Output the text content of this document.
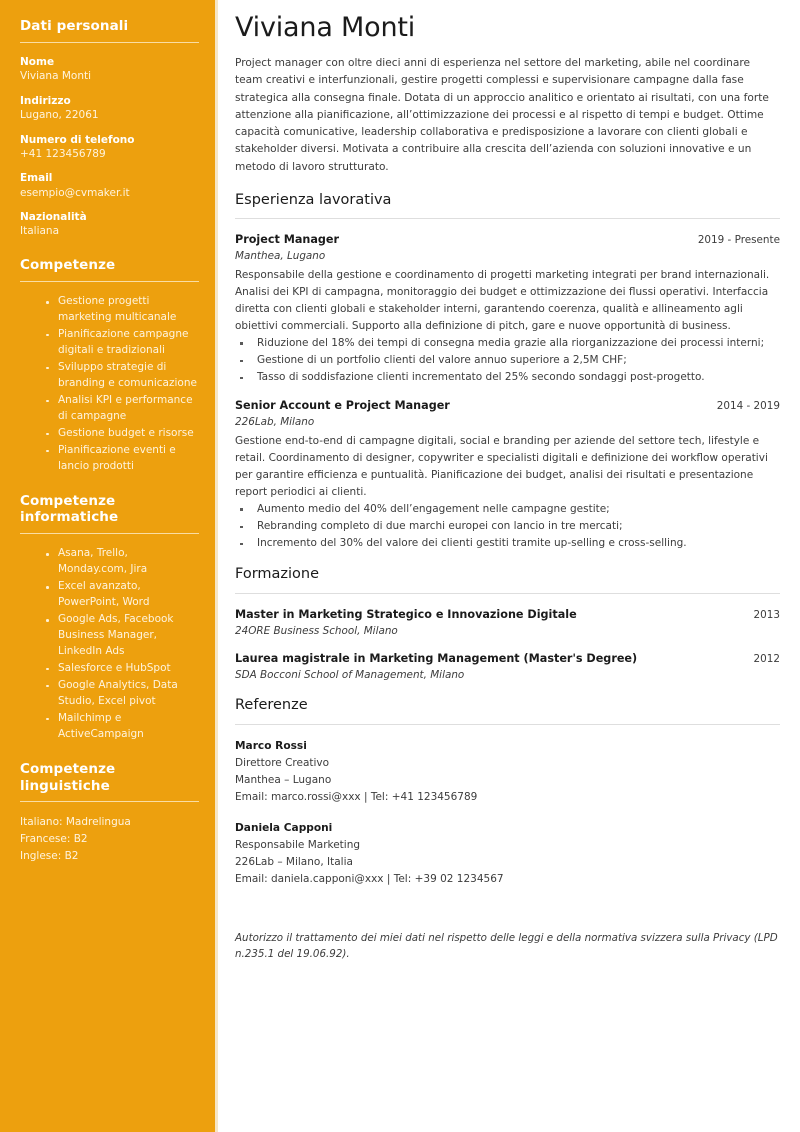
Dati personali
Nome
Viviana Monti
Indirizzo
Lugano, 22061
Numero di telefono
+41 123456789
Email
esempio@cvmaker.it
Nazionalità
Italiana
Competenze
Gestione progetti marketing multicanale
Pianificazione campagne digitali e tradizionali
Sviluppo strategie di branding e comunicazione
Analisi KPI e performance di campagne
Gestione budget e risorse
Pianificazione eventi e lancio prodotti
Competenze informatiche
Asana, Trello, Monday.com, Jira
Excel avanzato, PowerPoint, Word
Google Ads, Facebook Business Manager, LinkedIn Ads
Salesforce e HubSpot
Google Analytics, Data Studio, Excel pivot
Mailchimp e ActiveCampaign
Competenze linguistiche
Italiano: Madrelingua
Francese: B2
Inglese: B2
Viviana Monti

Project manager con oltre dieci anni di esperienza nel settore del marketing, abile nel coordinare team creativi e interfunzionali, gestire progetti complessi e supervisionare campagne dalla fase strategica alla consegna finale. Dotata di un approccio analitico e orientato ai risultati, con una forte attenzione alla pianificazione, all’ottimizzazione dei processi e al rispetto di tempi e budget. Ottime capacità comunicative, leadership collaborativa e predisposizione a lavorare con clienti globali e stakeholder diversi. Motivata a contribuire alla crescita dell’azienda con soluzioni innovative e un metodo di lavoro strutturato.

Esperienza lavorativa
Project Manager	2019 - Presente
Manthea, Lugano

Responsabile della gestione e coordinamento di progetti marketing integrati per brand internazionali. Analisi dei KPI di campagna, monitoraggio dei budget e ottimizzazione dei flussi operativi. Interfaccia diretta con clienti globali e stakeholder interni, garantendo coerenza, qualità e allineamento agli obiettivi commerciali. Supporto alla definizione di pitch, gare e nuove opportunità di business.

Riduzione del 18% dei tempi di consegna media grazie alla riorganizzazione dei processi interni;
Gestione di un portfolio clienti del valore annuo superiore a 2,5M CHF;
Tasso di soddisfazione clienti incrementato del 25% secondo sondaggi post-progetto.
Senior Account e Project Manager	2014 - 2019
226Lab, Milano

Gestione end-to-end di campagne digitali, social e branding per aziende del settore tech, lifestyle e retail. Coordinamento di designer, copywriter e specialisti digitali e definizione dei workflow operativi per garantire efficienza e puntualità. Pianificazione dei budget, analisi dei risultati e presentazione report periodici ai clienti.

Aumento medio del 40% dell’engagement nelle campagne gestite;
Rebranding completo di due marchi europei con lancio in tre mercati;
Incremento del 30% del valore dei clienti gestiti tramite up-selling e cross-selling.
Formazione
Master in Marketing Strategico e Innovazione Digitale	2013
24ORE Business School, Milano
Laurea magistrale in Marketing Management (Master's Degree)	2012
SDA Bocconi School of Management, Milano
Referenze
Marco Rossi
Direttore Creativo
Manthea – Lugano
Email: marco.rossi@xxx | Tel: +41 123456789
Daniela Capponi
Responsabile Marketing
226Lab – Milano, Italia
Email: daniela.capponi@xxx | Tel: +39 02 1234567

Autorizzo il trattamento dei miei dati nel rispetto delle leggi e della normativa svizzera sulla Privacy (LPD n.235.1 del 19.06.92).
